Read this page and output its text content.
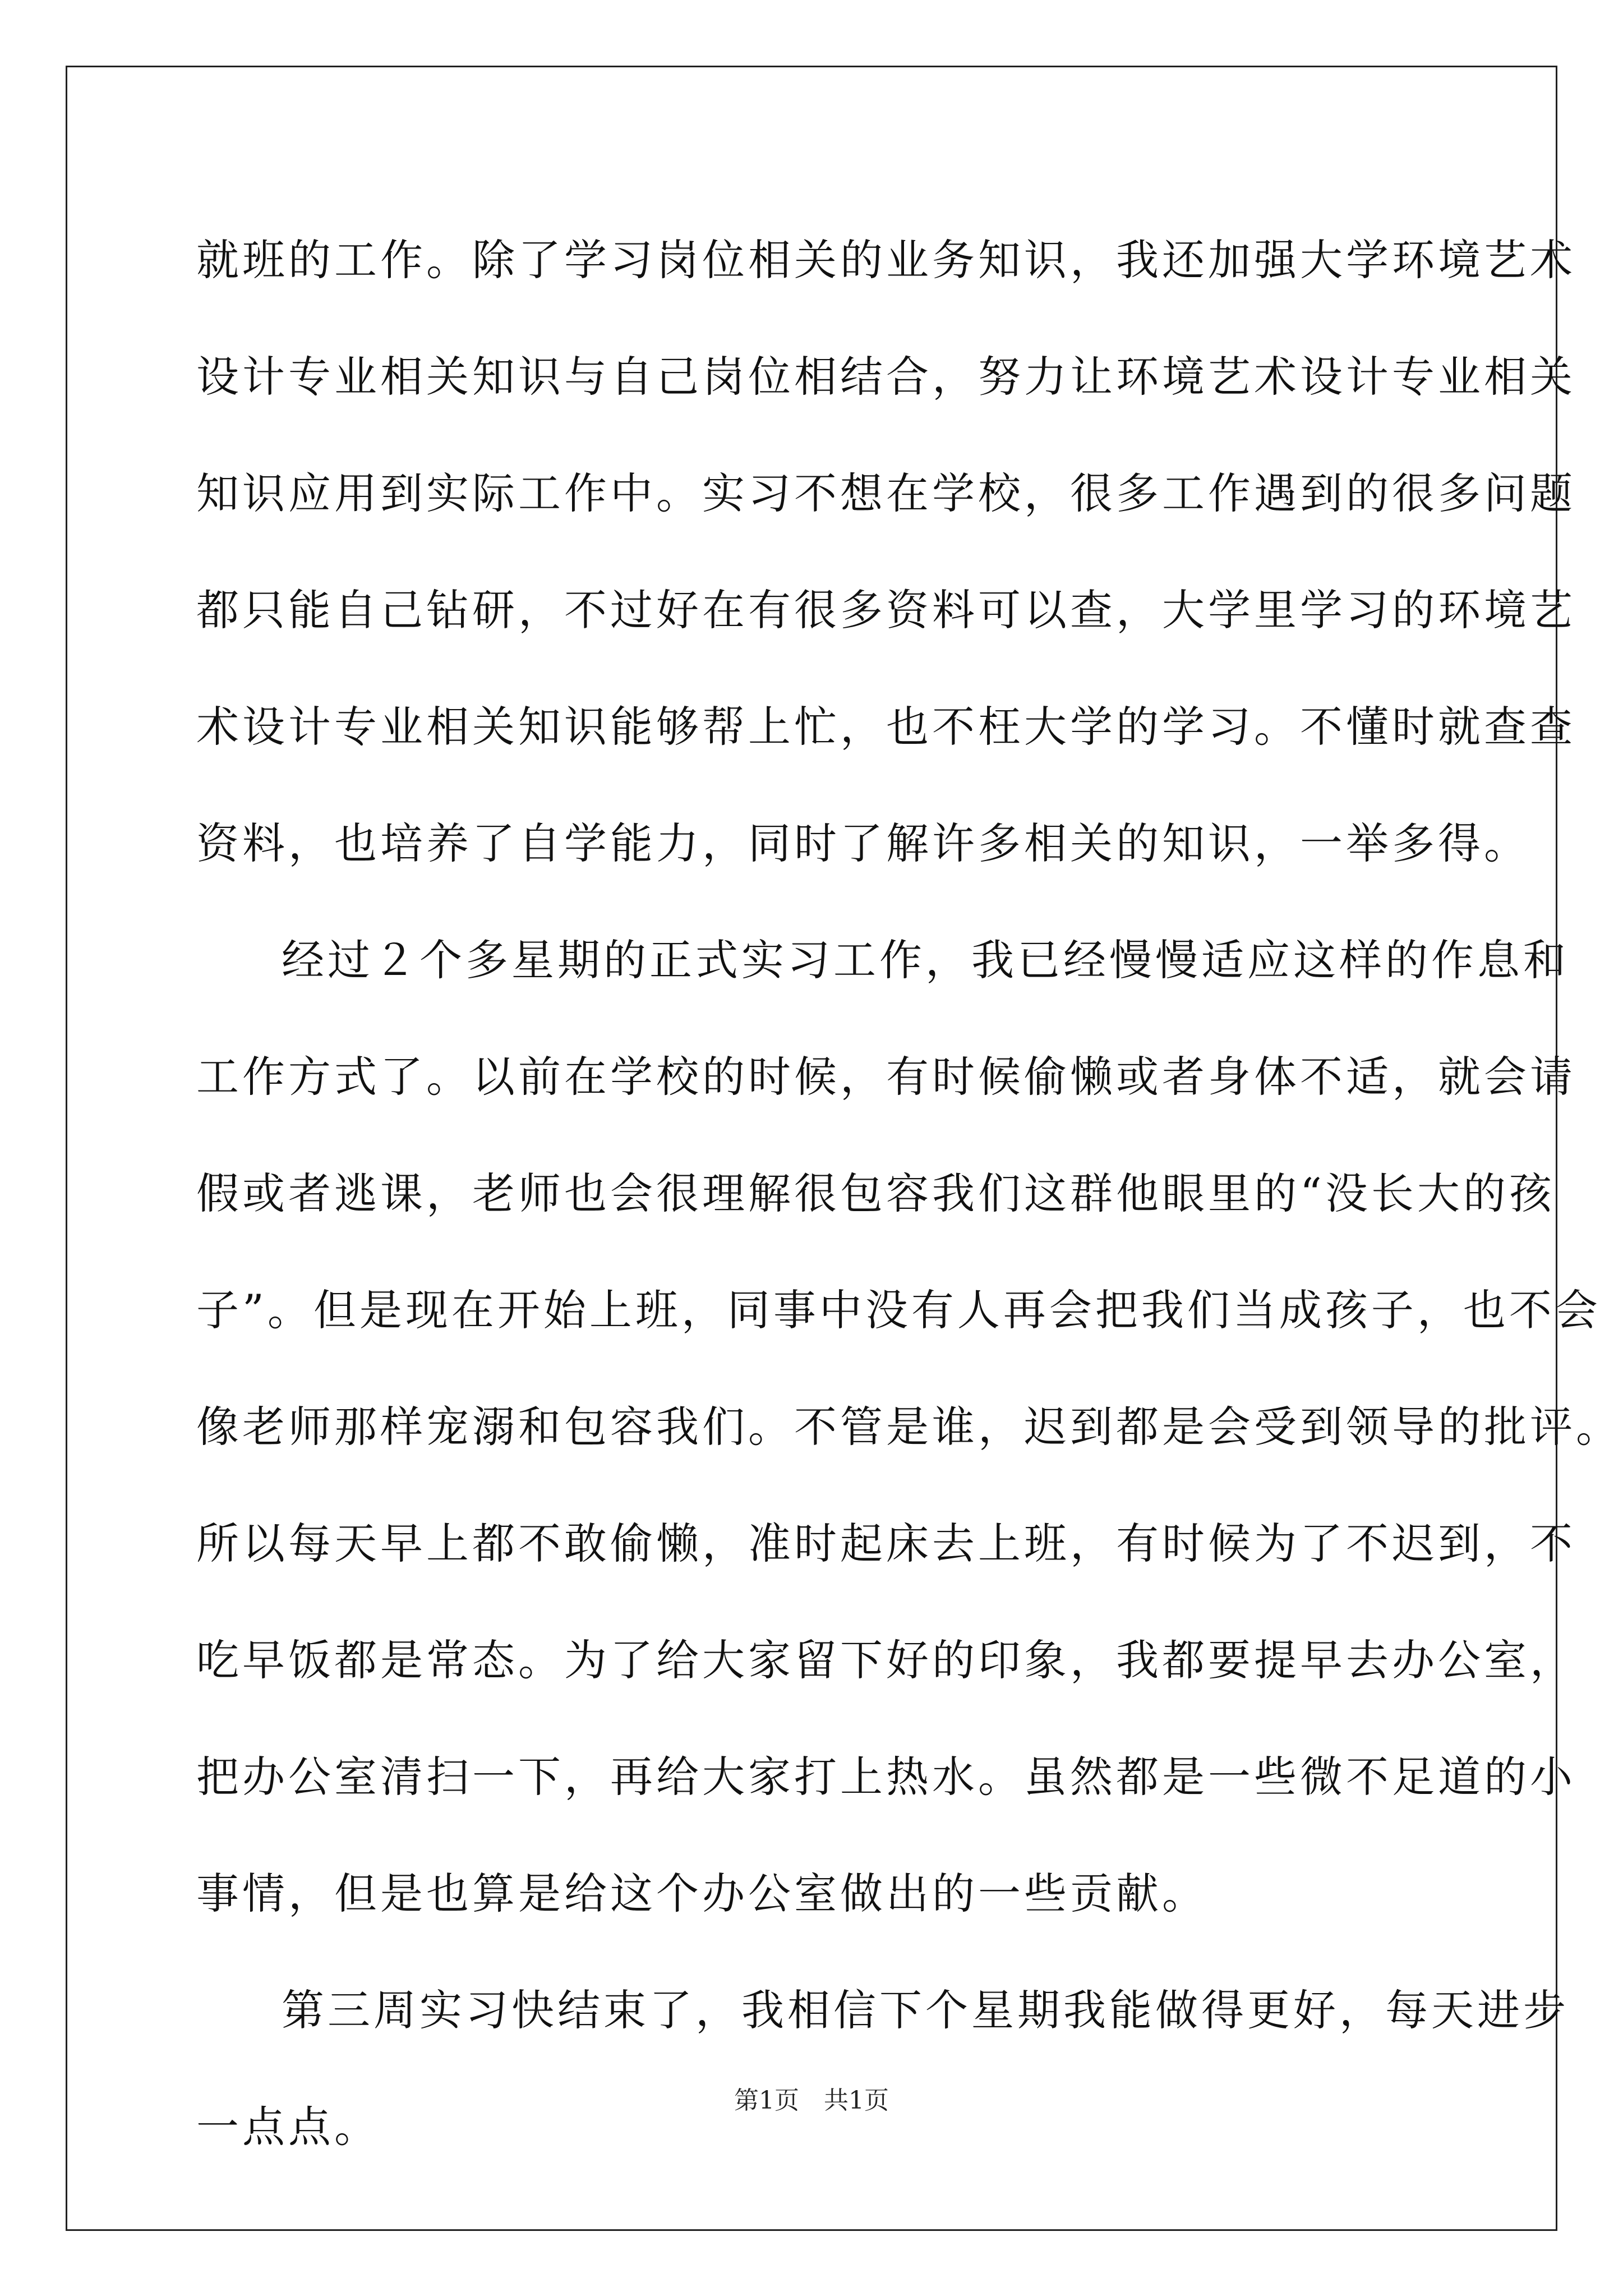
就班的工作。除了学习岗位相关的业务知识，我还加强大学环境艺术
设计专业相关知识与自己岗位相结合，努力让环境艺术设计专业相关
知识应用到实际工作中。实习不想在学校，很多工作遇到的很多问题
都只能自己钻研，不过好在有很多资料可以查，大学里学习的环境艺
术设计专业相关知识能够帮上忙，也不枉大学的学习。不懂时就查查
资料，也培养了自学能力，同时了解许多相关的知识，一举多得。
经过２个多星期的正式实习工作，我已经慢慢适应这样的作息和
工作方式了。以前在学校的时候，有时候偷懒或者身体不适，就会请
假或者逃课，老师也会很理解很包容我们这群他眼里的“没长大的孩
子”。但是现在开始上班，同事中没有人再会把我们当成孩子，也不会
像老师那样宠溺和包容我们。不管是谁，迟到都是会受到领导的批评。
所以每天早上都不敢偷懒，准时起床去上班，有时候为了不迟到，不
吃早饭都是常态。为了给大家留下好的印象，我都要提早去办公室，
把办公室清扫一下，再给大家打上热水。虽然都是一些微不足道的小
事情，但是也算是给这个办公室做出的一些贡献。
第三周实习快结束了，我相信下个星期我能做得更好，每天进步
一点点。
第1页　共1页
